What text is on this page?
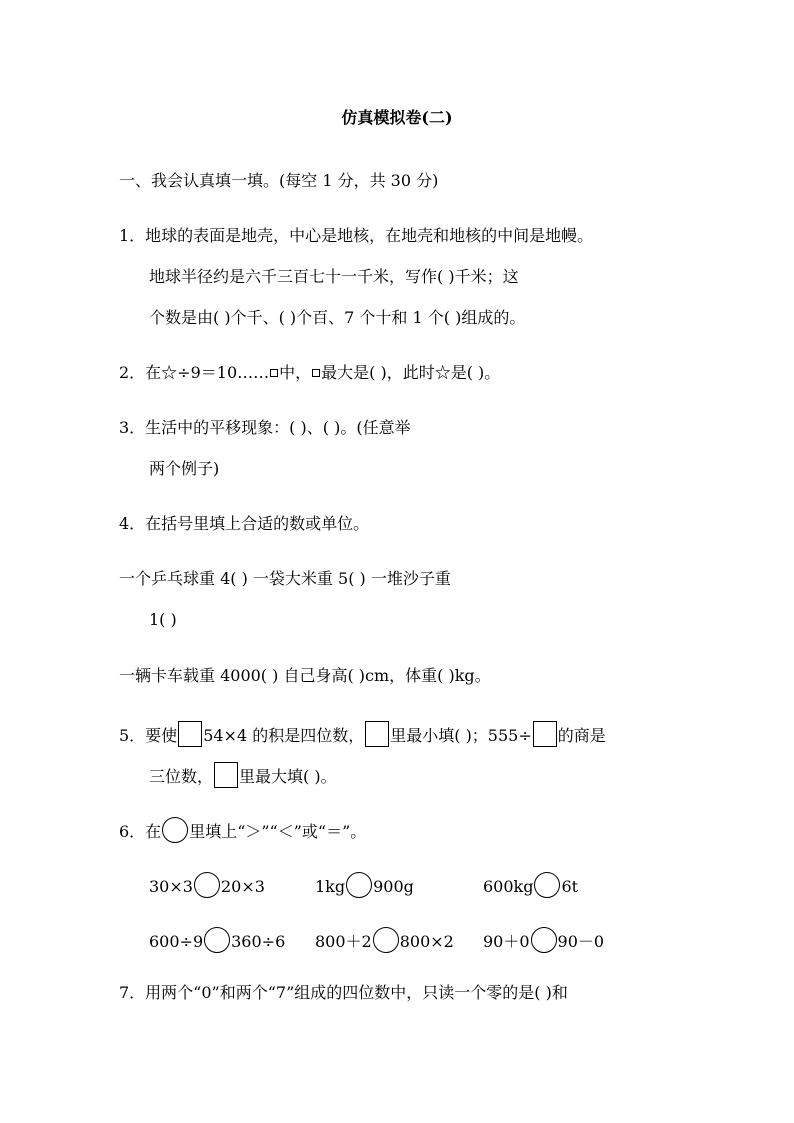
仿真模拟卷(二)
一、我会认真填一填。(每空 1 分，共 30 分)
1．地球的表面是地壳，中心是地核，在地壳和地核的中间是地幔。
地球半径约是六千三百七十一千米，写作( )千米；这
个数是由( )个千、( )个百、7 个十和 1 个( )组成的。
2．在☆÷9＝10…… 中， 最大是( )，此时☆是( )。
3．生活中的平移现象：( )、( )。(任意举
两个例子)
4．在括号里填上合适的数或单位。
一个乒乓球重 4( ) 一袋大米重 5( ) 一堆沙子重
1( )
一辆卡车载重 4000( ) 自己身高( )cm，体重( )kg。
5．要使 54×4 的积是四位数， 里最小填( )；555÷ 的商是
三位数， 里最大填( )。
6．在 里填上“＞”“＜”或“＝”。
30×3 20×3	1kg 900g	600kg 6t
600÷9 360÷6 800＋2 800×2 90＋0 90－0
7．用两个“0”和两个“7”组成的四位数中，只读一个零的是( )和
